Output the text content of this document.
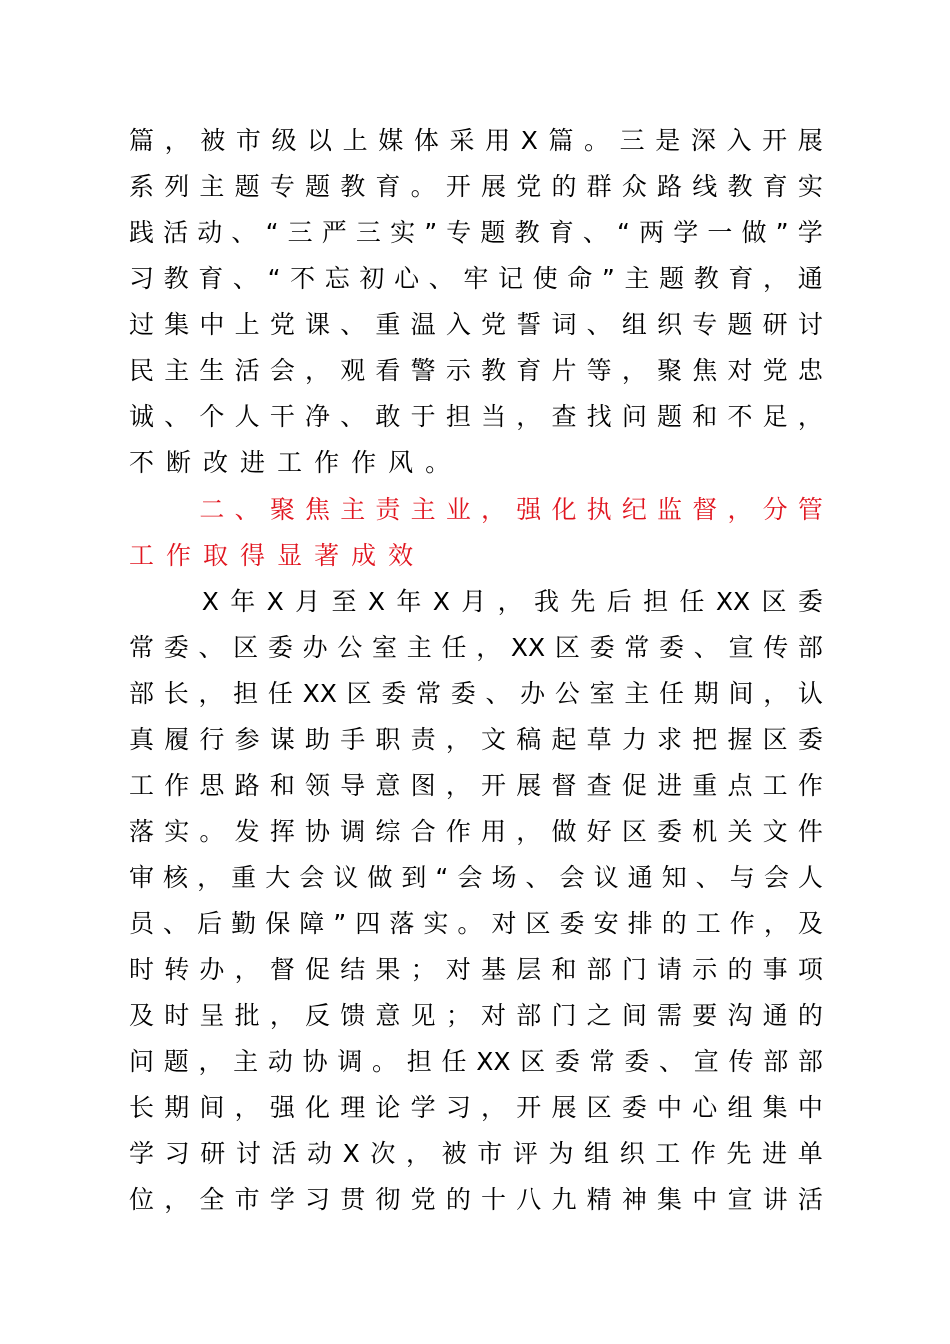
篇 ， 被 市 级 以 上 媒 体 采 用 X 篇 。 三 是 深 入 开 展
系 列 主 题 专 题 教 育 。 开 展 党 的 群 众 路 线 教 育 实
践 活 动 、 “ 三 严 三 实 ” 专 题 教 育 、 “ 两 学 一 做 ” 学
习 教 育 、 “ 不 忘 初 心 、 牢 记 使 命 ” 主 题 教 育 ， 通
过 集 中 上 党 课 、 重 温 入 党 誓 词 、 组 织 专 题 研 讨
民 主 生 活 会 ， 观 看 警 示 教 育 片 等 ， 聚 焦 对 党 忠
诚 、 个 人 干 净 、 敢 于 担 当 ， 查 找 问 题 和 不 足 ，
不 断 改 进 工 作 作 风 。

二 、 聚 焦 主 责 主 业 ， 强 化 执 纪 监 督 ， 分 管
工 作 取 得 显 著 成 效

X 年 X 月 至 X 年 X 月 ， 我 先 后 担 任 XX 区 委
常 委 、 区 委 办 公 室 主 任 ， XX 区 委 常 委 、 宣 传 部
部 长 ， 担 任 XX 区 委 常 委 、 办 公 室 主 任 期 间 ， 认
真 履 行 参 谋 助 手 职 责 ， 文 稿 起 草 力 求 把 握 区 委
工 作 思 路 和 领 导 意 图 ， 开 展 督 查 促 进 重 点 工 作
落 实 。 发 挥 协 调 综 合 作 用 ， 做 好 区 委 机 关 文 件
审 核 ， 重 大 会 议 做 到 “ 会 场 、 会 议 通 知 、 与 会 人
员 、 后 勤 保 障 ” 四 落 实 。 对 区 委 安 排 的 工 作 ， 及
时 转 办 ， 督 促 结 果 ； 对 基 层 和 部 门 请 示 的 事 项
及 时 呈 批 ， 反 馈 意 见 ； 对 部 门 之 间 需 要 沟 通 的
问 题 ， 主 动 协 调 。 担 任 XX 区 委 常 委 、 宣 传 部 部
长 期 间 ， 强 化 理 论 学 习 ， 开 展 区 委 中 心 组 集 中
学 习 研 讨 活 动 X 次 ， 被 市 评 为 组 织 工 作 先 进 单
位 ， 全 市 学 习 贯 彻 党 的 十 八 九 精 神 集 中 宣 讲 活
